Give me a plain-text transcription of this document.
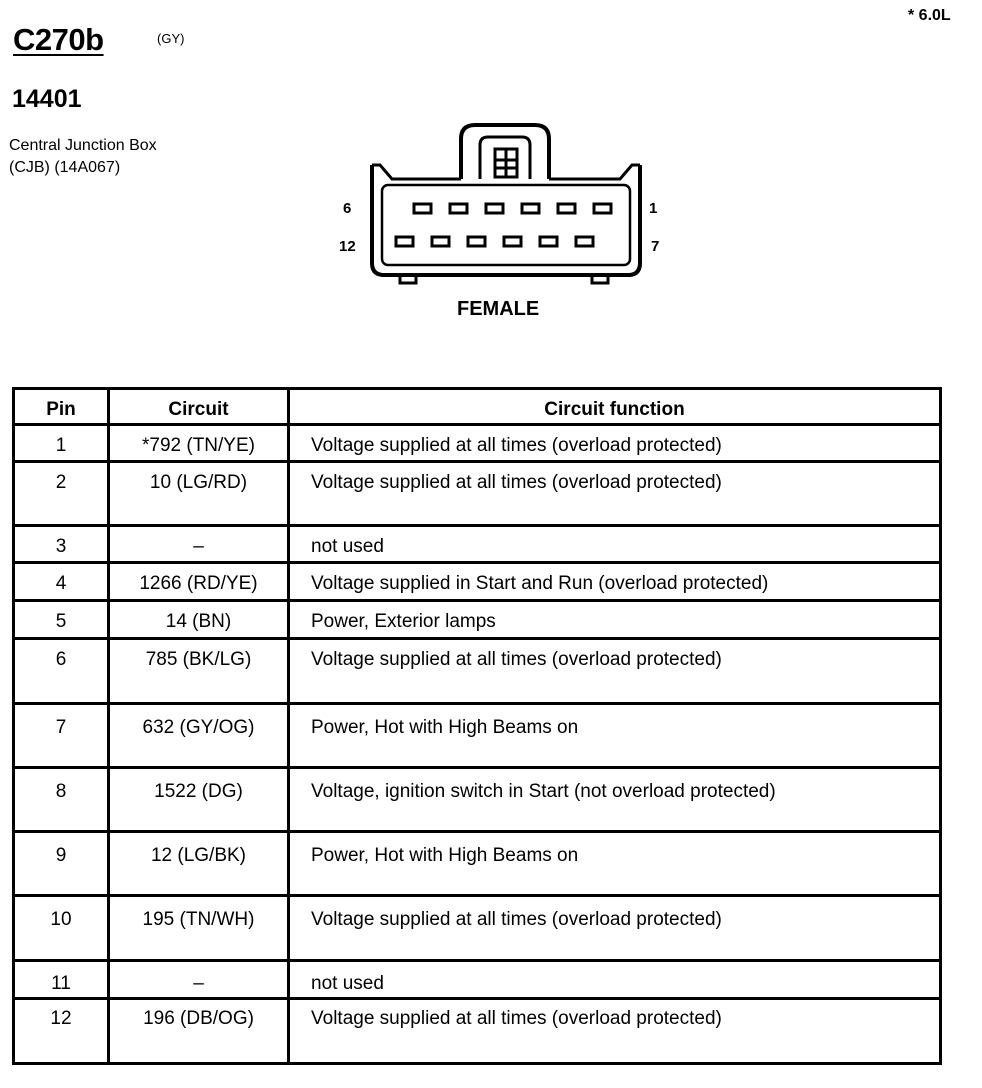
C270b	(GY)
* 6.0L
14401
Central Junction Box
(CJB) (14A067)
6	1
12	7
FEMALE
Pin	Circuit	Circuit function
1	*792 (TN/YE)	Voltage supplied at all times (overload protected)
2	10 (LG/RD)	Voltage supplied at all times (overload protected)
3	–	not used
4	1266 (RD/YE)	Voltage supplied in Start and Run (overload protected)
5	14 (BN)	Power, Exterior lamps
6	785 (BK/LG)	Voltage supplied at all times (overload protected)
7	632 (GY/OG)	Power, Hot with High Beams on
8	1522 (DG)	Voltage, ignition switch in Start (not overload protected)
9	12 (LG/BK)	Power, Hot with High Beams on
10	195 (TN/WH)	Voltage supplied at all times (overload protected)
11	–	not used
12	196 (DB/OG)	Voltage supplied at all times (overload protected)
